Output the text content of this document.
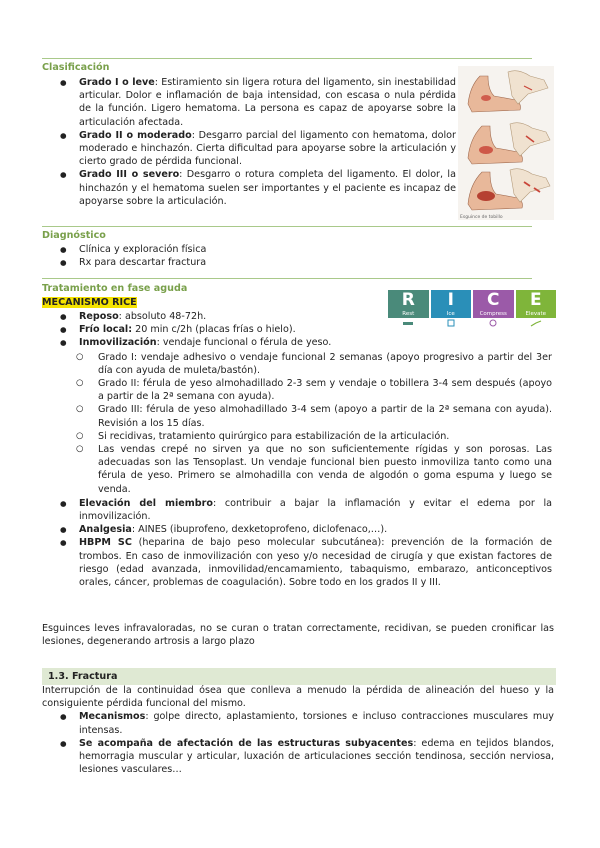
Clasificación
● Grado I o leve: Estiramiento sin ligera rotura del ligamento, sin inestabilidad articular. Dolor e inflamación de baja intensidad, con escasa o nula pérdida de la función. Ligero hematoma. La persona es capaz de apoyarse sobre la articulación afectada.
● Grado II o moderado: Desgarro parcial del ligamento con hematoma, dolor moderado e hinchazón. Cierta dificultad para apoyarse sobre la articulación y cierto grado de pérdida funcional.
● Grado III o severo: Desgarro o rotura completa del ligamento. El dolor, la hinchazón y el hematoma suelen ser importantes y el paciente es incapaz de apoyarse sobre la articulación.
Esguince de tobillo
Diagnóstico
● Clínica y exploración física
● Rx para descartar fractura
Tratamiento en fase aguda
MECANISMO RICE
● Reposo: absoluto 48-72h.
● Frío local: 20 min c/2h (placas frías o hielo).
● Inmovilización: vendaje funcional o férula de yeso.
○ Grado I: vendaje adhesivo o vendaje funcional 2 semanas (apoyo progresivo a partir del 3er día con ayuda de muleta/bastón).
○ Grado II: férula de yeso almohadillado 2-3 sem y vendaje o tobillera 3-4 sem después (apoyo a partir de la 2ª semana con ayuda).
○ Grado III: férula de yeso almohadillado 3-4 sem (apoyo a partir de la 2ª semana con ayuda). Revisión a los 15 días.
○ Si recidivas, tratamiento quirúrgico para estabilización de la articulación.
○ Las vendas crepé no sirven ya que no son suficientemente rígidas y son porosas. Las adecuadas son las Tensoplast. Un vendaje funcional bien puesto inmoviliza tanto como una férula de yeso. Primero se almohadilla con venda de algodón o goma espuma y luego se venda.
● Elevación del miembro: contribuir a bajar la inflamación y evitar el edema por la inmovilización.
● Analgesia: AINES (ibuprofeno, dexketoprofeno, diclofenaco,…).
● HBPM SC (heparina de bajo peso molecular subcutánea): prevención de la formación de trombos. En caso de inmovilización con yeso y/o necesidad de cirugía y que existan factores de riesgo (edad avanzada, inmovilidad/encamamiento, tabaquismo, embarazo, anticonceptivos orales, cáncer, problemas de coagulación). Sobre todo en los grados II y III.

Esguinces leves infravaloradas, no se curan o tratan correctamente, recidivan, se pueden cronificar las lesiones, degenerando artrosis a largo plazo

1.3. Fractura

Interrupción de la continuidad ósea que conlleva a menudo la pérdida de alineación del hueso y la consiguiente pérdida funcional del mismo.

● Mecanismos: golpe directo, aplastamiento, torsiones e incluso contracciones musculares muy intensas.
● Se acompaña de afectación de las estructuras subyacentes: edema en tejidos blandos, hemorragia muscular y articular, luxación de articulaciones sección tendinosa, sección nerviosa, lesiones vasculares…
R
Rest
I
Ice
C
Compress
E
Elevate
